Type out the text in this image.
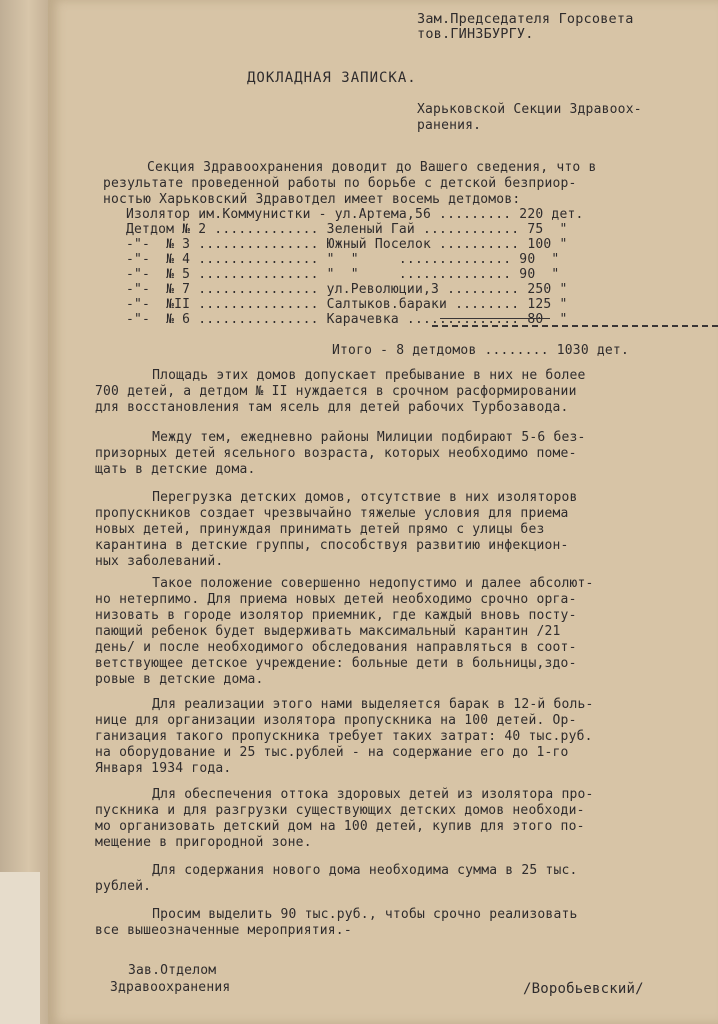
Зам.Председателя Горсовета
тов.ГИНЗБУРГУ.
ДОКЛАДНАЯ ЗАПИСКА.
Харьковской Секции Здравоох-
ранения.
Секция Здравоохранения доводит до Вашего сведения, что в
результате проведенной работы по борьбе с детской безприор-
ностью Харьковский Здравотдел имеет восемь детдомов:
Изолятор им.Коммунистки - ул.Артема,56 ......... 220 дет.
Детдом № 2 ............. Зеленый Гай ............ 75  "
-"-  № 3 ............... Южный Поселок .......... 100 "
-"-  № 4 ............... "  "     .............. 90  "
-"-  № 5 ............... "  "     .............. 90  "
-"-  № 7 ............... ул.Революции,3 ......... 250 "
-"-  №II ............... Салтыков.бараки ........ 125 "
-"-  № 6 ............... Карачевка .............. 80  "
Итого - 8 детдомов ........ 1030 дет.
Площадь этих домов допускает пребывание в них не более
700 детей, а детдом № II нуждается в срочном расформировании
для восстановления там ясель для детей рабочих Турбозавода.
Между тем, ежедневно районы Милиции подбирают 5-6 без-
призорных детей ясельного возраста, которых необходимо поме-
щать в детские дома.
Перегрузка детских домов, отсутствие в них изоляторов
пропускников создает чрезвычайно тяжелые условия для приема
новых детей, принуждая принимать детей прямо с улицы без
карантина в детские группы, способствуя развитию инфекцион-
ных заболеваний.
Такое положение совершенно недопустимо и далее абсолют-
но нетерпимо. Для приема новых детей необходимо срочно орга-
низовать в городе изолятор приемник, где каждый вновь посту-
пающий ребенок будет выдерживать максимальный карантин /21
день/ и после необходимого обследования направляться в соот-
ветствующее детское учреждение: больные дети в больницы,здо-
ровые в детские дома.
Для реализации этого нами выделяется барак в 12-й боль-
нице для организации изолятора пропускника на 100 детей. Ор-
ганизация такого пропускника требует таких затрат: 40 тыс.руб.
на оборудование и 25 тыс.рублей - на содержание его до 1-го
Января 1934 года.
Для обеспечения оттока здоровых детей из изолятора про-
пускника и для разгрузки существующих детских домов необходи-
мо организовать детский дом на 100 детей, купив для этого по-
мещение в пригородной зоне.
Для содержания нового дома необходима сумма в 25 тыс.
рублей.
Просим выделить 90 тыс.руб., чтобы срочно реализовать
все вышеозначенные мероприятия.-
Зав.Отделом
Здравоохранения	/Воробьевский/
